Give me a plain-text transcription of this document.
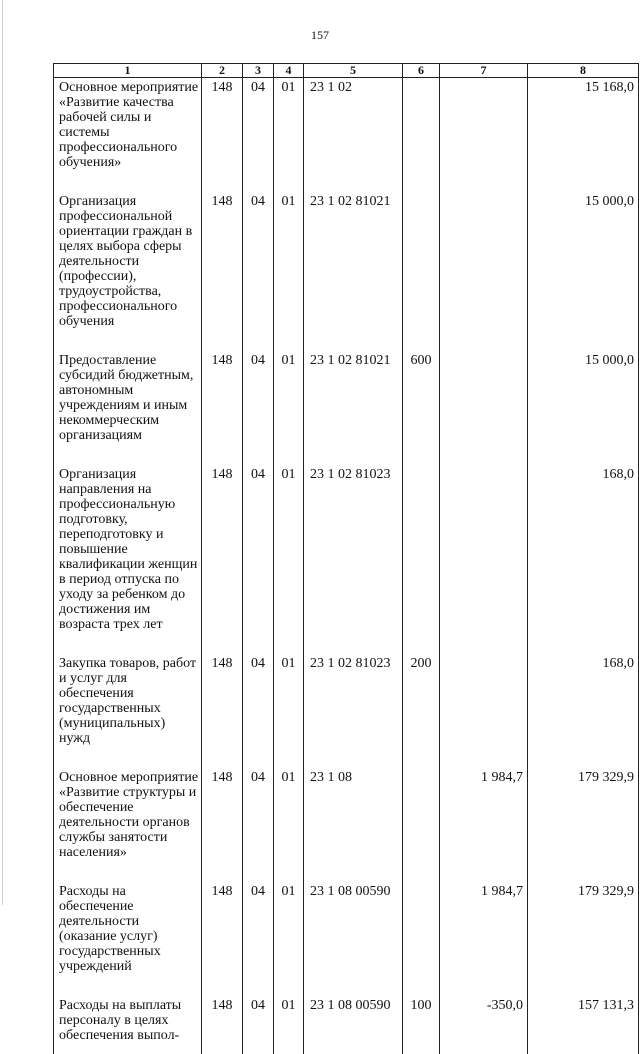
157
1	2	3	4	5	6	7	8
Основное мероприятие «Развитие качества рабочей силы и системы профессионального обучения»	148	04	01	23 1 02			15 168,0
Организация профессиональной ориентации граждан в целях выбора сферы деятельности (профессии), трудоустройства, профессионального обучения	148	04	01	23 1 02 81021			15 000,0
Предоставление субсидий бюджетным, автономным учреждениям и иным некоммерческим организациям	148	04	01	23 1 02 81021	600		15 000,0
Организация направления на профессиональную подготовку, переподготовку и повышение квалификации женщин в период отпуска по уходу за ребенком до достижения им возраста трех лет	148	04	01	23 1 02 81023			168,0
Закупка товаров, работ и услуг для обеспечения государственных (муниципальных) нужд	148	04	01	23 1 02 81023	200		168,0
Основное мероприятие «Развитие структуры и обеспечение деятельности органов службы занятости населения»	148	04	01	23 1 08		1 984,7	179 329,9
Расходы на обеспечение деятельности (оказание услуг) государственных учреждений	148	04	01	23 1 08 00590		1 984,7	179 329,9
Расходы на выплаты персоналу в целях обеспечения выпол-	148	04	01	23 1 08 00590	100	-350,0	157 131,3
